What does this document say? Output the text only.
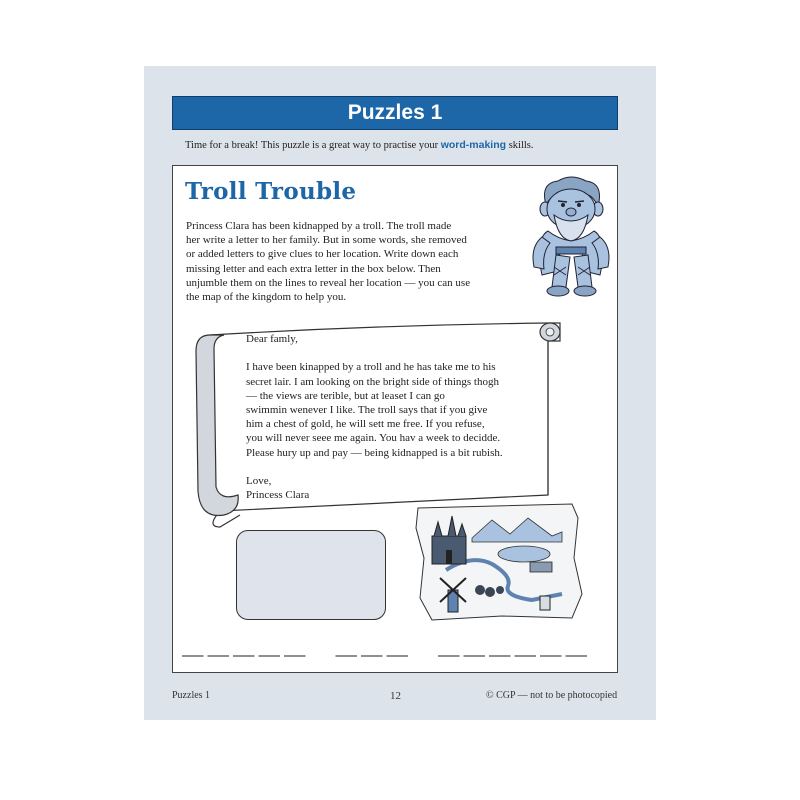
Puzzles 1
Time for a break! This puzzle is a great way to practise your word-making skills.
Troll Trouble
Princess Clara has been kidnapped by a troll. The troll made
her write a letter to her family. But in some words, she removed
or added letters to give clues to her location. Write down each
missing letter and each extra letter in the box below. Then
unjumble them on the lines to reveal her location — you can use
the map of the kingdom to help you.
Dear famly,
I have been kinapped by a troll and he has take me to his
secret lair. I am looking on the bright side of things thogh
— the views are terible, but at leaset I can go
swimmin wenever I like. The troll says that if you give
him a chest of gold, he will sett me free. If you refuse,
you will never seee me again. You hav a week to decidde.
Please hury up and pay — being kidnapped is a bit rubish.
Love,
Princess Clara
Puzzles 1	12	© CGP — not to be photocopied
